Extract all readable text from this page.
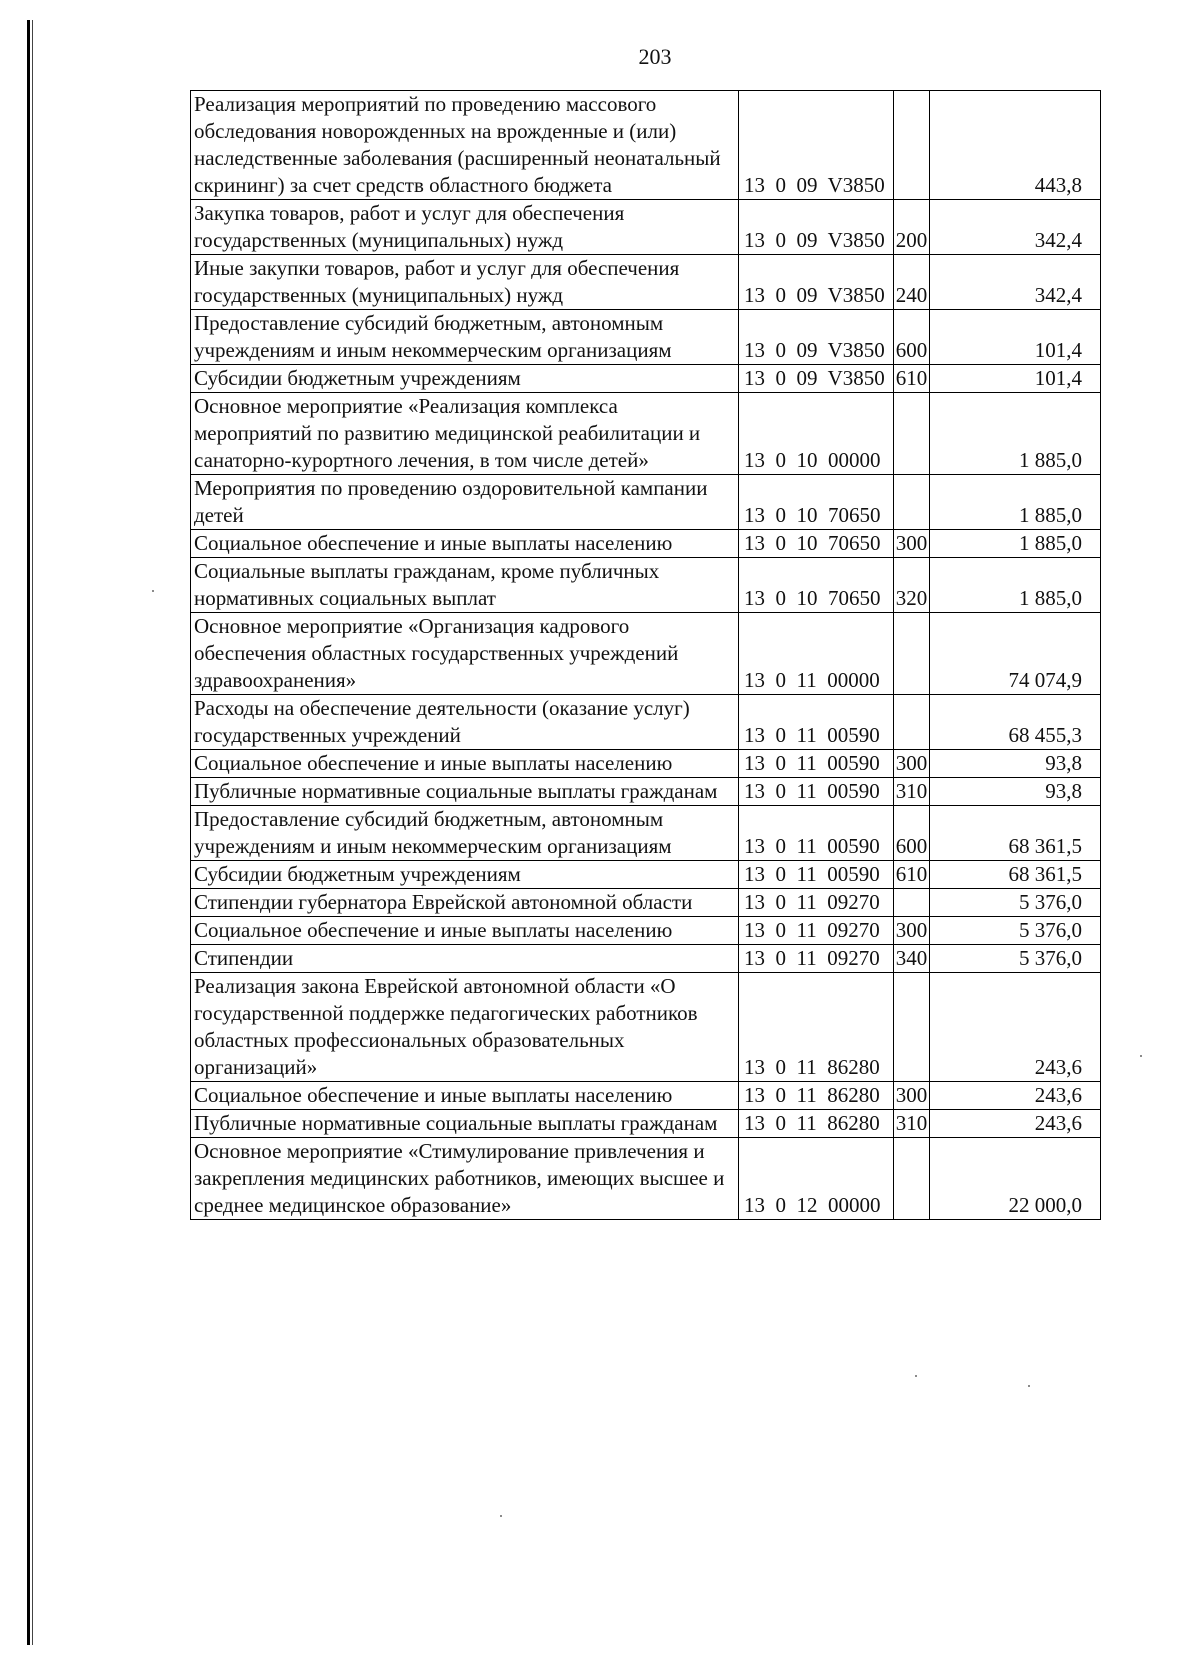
203
Реализация мероприятий по проведению массового обследования новорожденных на врожденные и (или) наследственные заболевания (расширенный неонатальный скрининг) за счет средств областного бюджета	13  0  09  V3850		443,8
Закупка товаров, работ и услуг для обеспечения государственных (муниципальных) нужд	13  0  09  V3850	200	342,4
Иные закупки товаров, работ и услуг для обеспечения государственных (муниципальных) нужд	13  0  09  V3850	240	342,4
Предоставление субсидий бюджетным, автономным учреждениям и иным некоммерческим организациям	13  0  09  V3850	600	101,4
Субсидии бюджетным учреждениям	13  0  09  V3850	610	101,4
Основное мероприятие «Реализация комплекса мероприятий по развитию медицинской реабилитации и санаторно-курортного лечения, в том числе детей»	13  0  10  00000		1 885,0
Мероприятия по проведению оздоровительной кампании детей	13  0  10  70650		1 885,0
Социальное обеспечение и иные выплаты населению	13  0  10  70650	300	1 885,0
Социальные выплаты гражданам, кроме публичных нормативных социальных выплат	13  0  10  70650	320	1 885,0
Основное мероприятие «Организация кадрового обеспечения областных государственных учреждений здравоохранения»	13  0  11  00000		74 074,9
Расходы на обеспечение деятельности (оказание услуг) государственных учреждений	13  0  11  00590		68 455,3
Социальное обеспечение и иные выплаты населению	13  0  11  00590	300	93,8
Публичные нормативные социальные выплаты гражданам	13  0  11  00590	310	93,8
Предоставление субсидий бюджетным, автономным учреждениям и иным некоммерческим организациям	13  0  11  00590	600	68 361,5
Субсидии бюджетным учреждениям	13  0  11  00590	610	68 361,5
Стипендии губернатора Еврейской автономной области	13  0  11  09270		5 376,0
Социальное обеспечение и иные выплаты населению	13  0  11  09270	300	5 376,0
Стипендии	13  0  11  09270	340	5 376,0
Реализация закона Еврейской автономной области «О государственной поддержке педагогических работников областных профессиональных образовательных организаций»	13  0  11  86280		243,6
Социальное обеспечение и иные выплаты населению	13  0  11  86280	300	243,6
Публичные нормативные социальные выплаты гражданам	13  0  11  86280	310	243,6
Основное мероприятие «Стимулирование привлечения и закрепления медицинских работников, имеющих высшее и среднее медицинское образование»	13  0  12  00000		22 000,0
